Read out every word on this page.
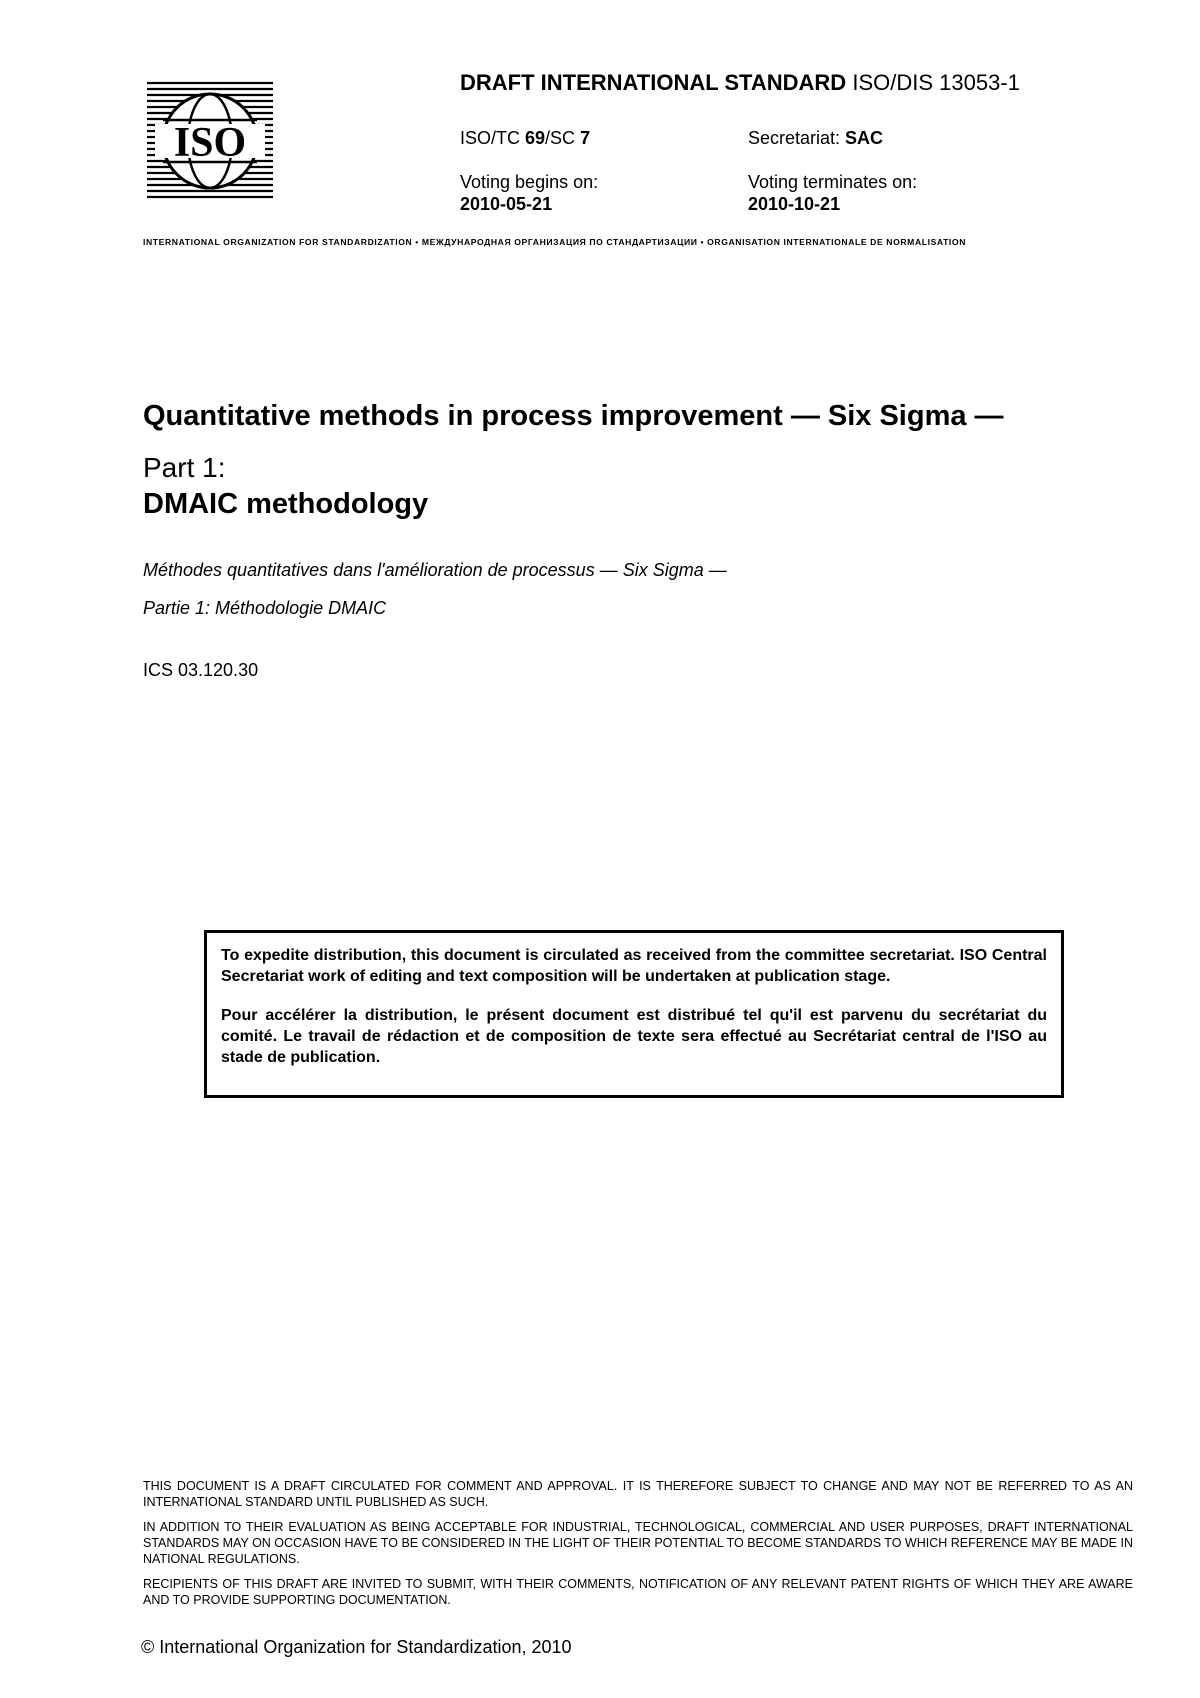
ISO
DRAFT INTERNATIONAL STANDARD ISO/DIS 13053-1
ISO/TC 69/SC 7	Secretariat: SAC
Voting begins on:
2010-05-21
Voting terminates on:
2010-10-21
INTERNATIONAL ORGANIZATION FOR STANDARDIZATION • МЕЖДУНАРОДНАЯ ОРГАНИЗАЦИЯ ПО СТАНДАРТИЗАЦИИ • ORGANISATION INTERNATIONALE DE NORMALISATION
Quantitative methods in process improvement — Six Sigma —
Part 1:
DMAIC methodology
Méthodes quantitatives dans l'amélioration de processus — Six Sigma —
Partie 1: Méthodologie DMAIC
ICS 03.120.30

To expedite distribution, this document is circulated as received from the committee secretariat. ISO Central Secretariat work of editing and text composition will be undertaken at publication stage.

Pour accélérer la distribution, le présent document est distribué tel qu'il est parvenu du secrétariat du comité. Le travail de rédaction et de composition de texte sera effectué au Secrétariat central de l'ISO au stade de publication.

THIS DOCUMENT IS A DRAFT CIRCULATED FOR COMMENT AND APPROVAL. IT IS THEREFORE SUBJECT TO CHANGE AND MAY NOT BE REFERRED TO AS AN INTERNATIONAL STANDARD UNTIL PUBLISHED AS SUCH.
IN ADDITION TO THEIR EVALUATION AS BEING ACCEPTABLE FOR INDUSTRIAL, TECHNOLOGICAL, COMMERCIAL AND USER PURPOSES, DRAFT INTERNATIONAL STANDARDS MAY ON OCCASION HAVE TO BE CONSIDERED IN THE LIGHT OF THEIR POTENTIAL TO BECOME STANDARDS TO WHICH REFERENCE MAY BE MADE IN NATIONAL REGULATIONS.
RECIPIENTS OF THIS DRAFT ARE INVITED TO SUBMIT, WITH THEIR COMMENTS, NOTIFICATION OF ANY RELEVANT PATENT RIGHTS OF WHICH THEY ARE AWARE AND TO PROVIDE SUPPORTING DOCUMENTATION.
© International Organization for Standardization, 2010
